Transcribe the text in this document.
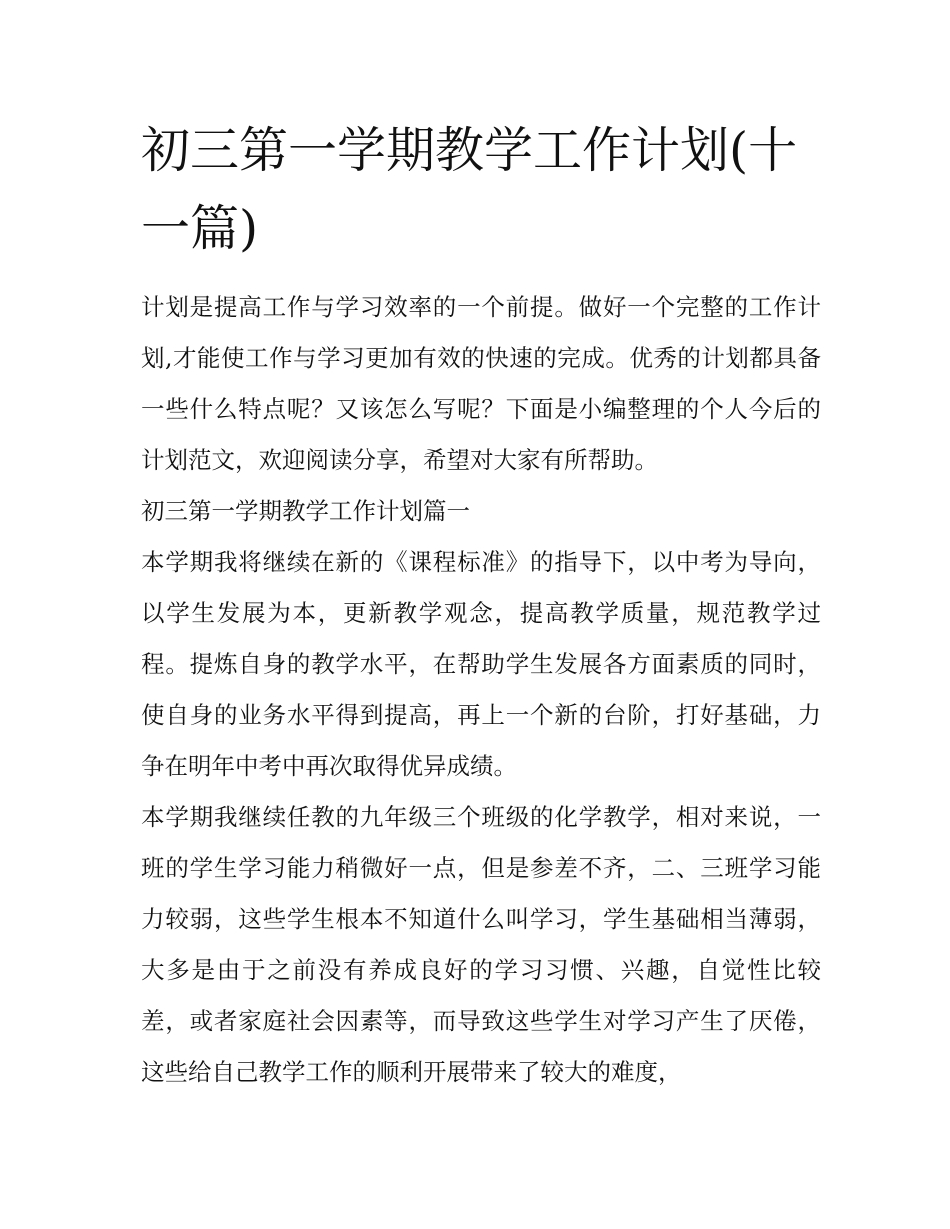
初三第一学期教学工作计划(十一篇)

计划是提高工作与学习效率的一个前提。做好一个完整的工作计划,才能使工作与学习更加有效的快速的完成。优秀的计划都具备一些什么特点呢？又该怎么写呢？下面是小编整理的个人今后的计划范文，欢迎阅读分享，希望对大家有所帮助。

初三第一学期教学工作计划篇一

本学期我将继续在新的《课程标准》的指导下，以中考为导向，以学生发展为本，更新教学观念，提高教学质量，规范教学过程。提炼自身的教学水平，在帮助学生发展各方面素质的同时，使自身的业务水平得到提高，再上一个新的台阶，打好基础，力争在明年中考中再次取得优异成绩。

本学期我继续任教的九年级三个班级的化学教学，相对来说，一班的学生学习能力稍微好一点，但是参差不齐，二、三班学习能力较弱，这些学生根本不知道什么叫学习，学生基础相当薄弱，大多是由于之前没有养成良好的学习习惯、兴趣，自觉性比较差，或者家庭社会因素等，而导致这些学生对学习产生了厌倦，这些给自己教学工作的顺利开展带来了较大的难度，
